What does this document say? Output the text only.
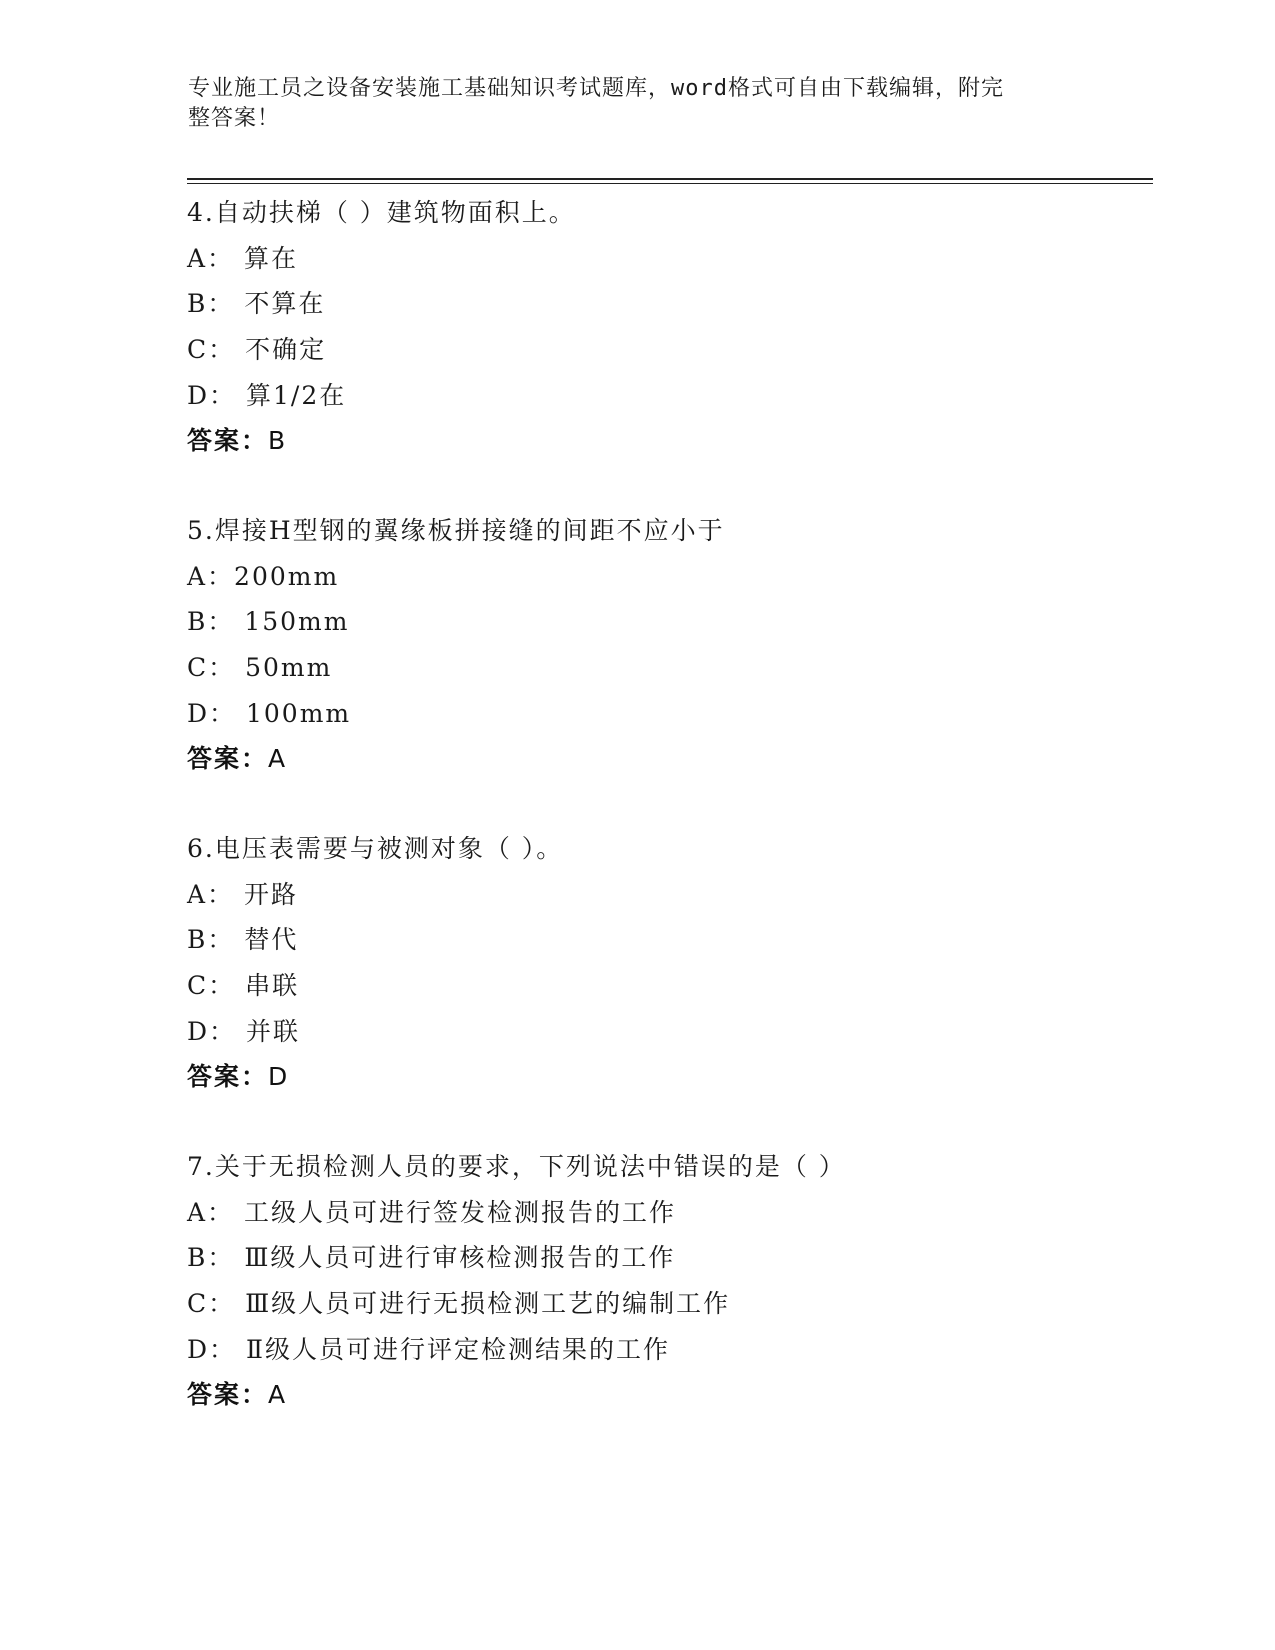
专业施工员之设备安装施工基础知识考试题库，word格式可自由下载编辑，附完
整答案！
4.自动扶梯（ ）建筑物面积上。
A： 算在
B： 不算在
C： 不确定
D： 算1/2在
答案：B
5.焊接H型钢的翼缘板拼接缝的间距不应小于
A：200mm
B： 150mm
C： 50mm
D： 100mm
答案：A
6.电压表需要与被测对象（ ）。
A： 开路
B： 替代
C： 串联
D： 并联
答案：D
7.关于无损检测人员的要求，下列说法中错误的是（ ）
A： 工级人员可进行签发检测报告的工作
B： Ⅲ级人员可进行审核检测报告的工作
C： Ⅲ级人员可进行无损检测工艺的编制工作
D： Ⅱ级人员可进行评定检测结果的工作
答案：A
